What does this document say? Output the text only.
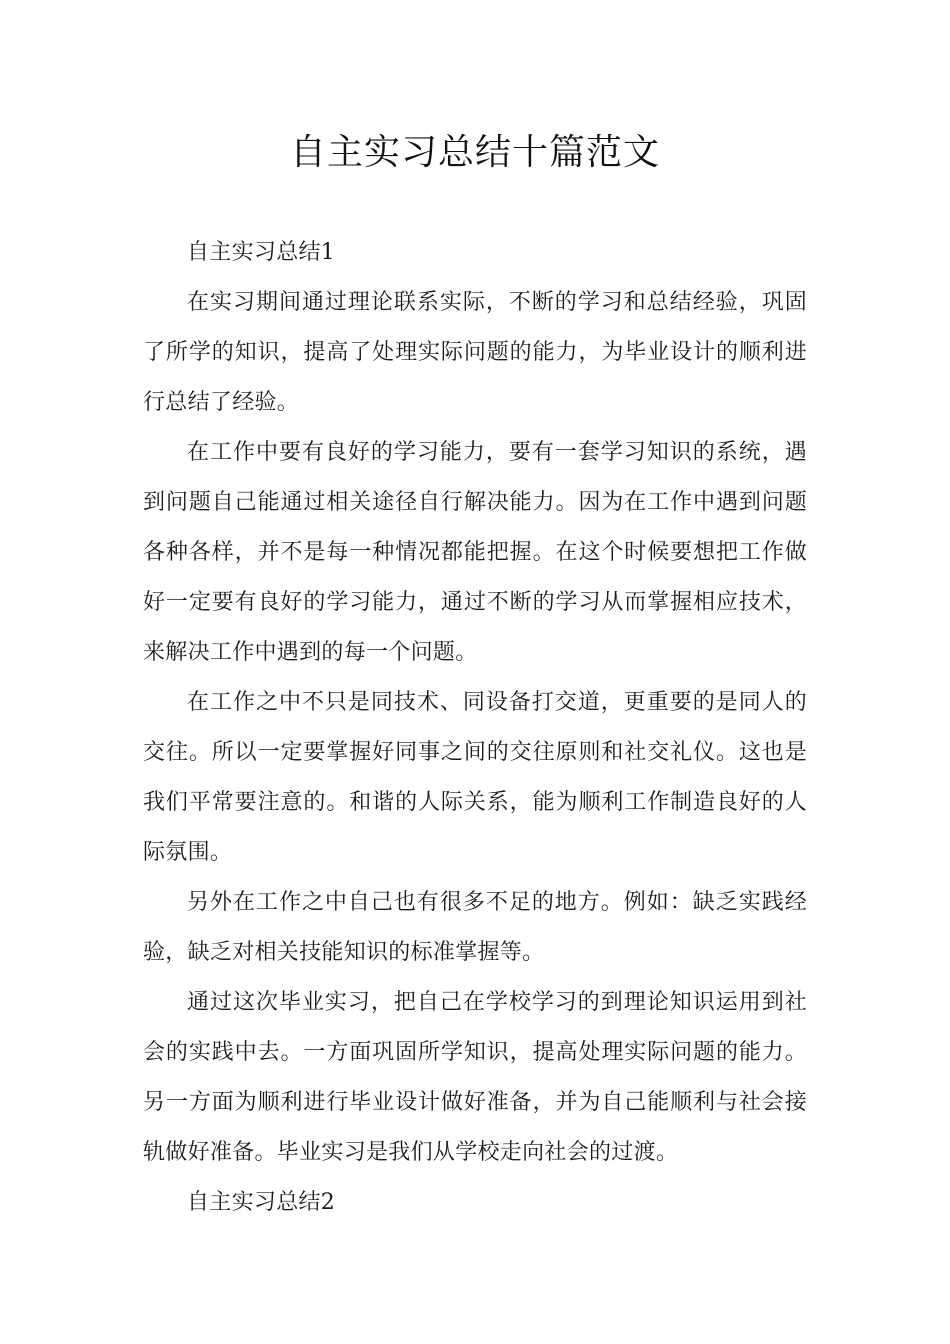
自主实习总结十篇范文

自主实习总结1

在实习期间通过理论联系实际，不断的学习和总结经验，巩固了所学的知识，提高了处理实际问题的能力，为毕业设计的顺利进行总结了经验。

在工作中要有良好的学习能力，要有一套学习知识的系统，遇到问题自己能通过相关途径自行解决能力。因为在工作中遇到问题各种各样，并不是每一种情况都能把握。在这个时候要想把工作做好一定要有良好的学习能力，通过不断的学习从而掌握相应技术，来解决工作中遇到的每一个问题。

在工作之中不只是同技术、同设备打交道，更重要的是同人的交往。所以一定要掌握好同事之间的交往原则和社交礼仪。这也是我们平常要注意的。和谐的人际关系，能为顺利工作制造良好的人际氛围。

另外在工作之中自己也有很多不足的地方。例如：缺乏实践经验，缺乏对相关技能知识的标准掌握等。

通过这次毕业实习，把自己在学校学习的到理论知识运用到社会的实践中去。一方面巩固所学知识，提高处理实际问题的能力。另一方面为顺利进行毕业设计做好准备，并为自己能顺利与社会接轨做好准备。毕业实习是我们从学校走向社会的过渡。

自主实习总结2
